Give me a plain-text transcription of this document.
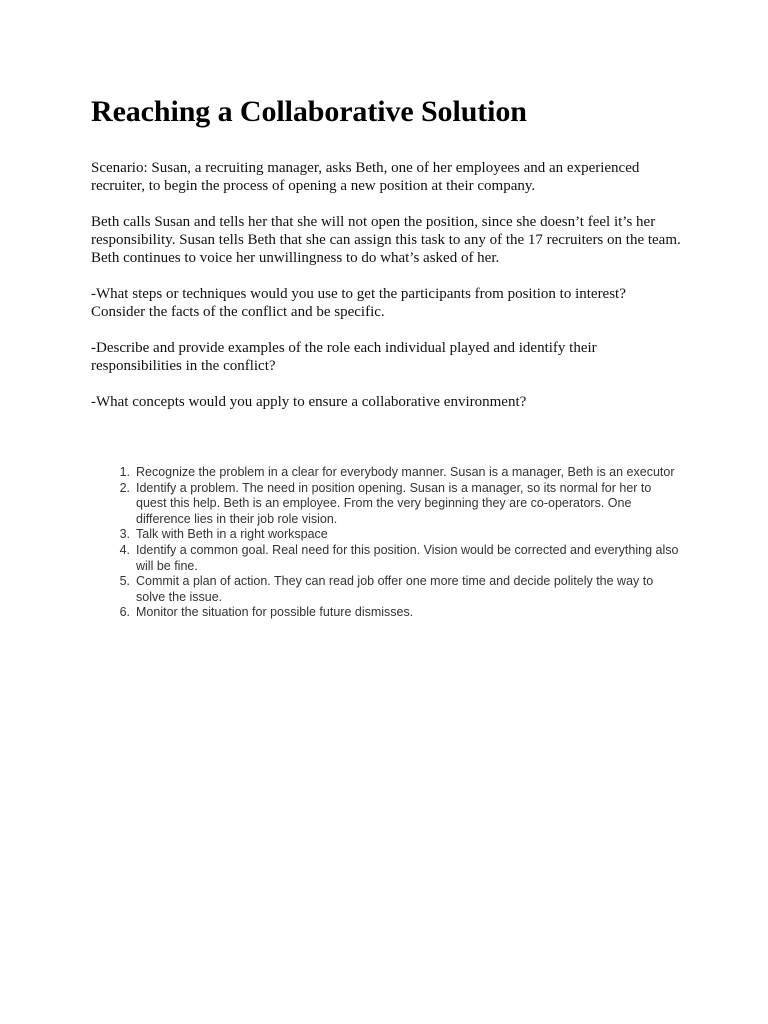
Reaching a Collaborative Solution

Scenario: Susan, a recruiting manager, asks Beth, one of her employees and an experienced recruiter, to begin the process of opening a new position at their company.

Beth calls Susan and tells her that she will not open the position, since she doesn’t feel it’s her responsibility. Susan tells Beth that she can assign this task to any of the 17 recruiters on the team. Beth continues to voice her unwillingness to do what’s asked of her.

-What steps or techniques would you use to get the participants from position to interest? Consider the facts of the conflict and be specific.

-Describe and provide examples of the role each individual played and identify their responsibilities in the conflict?

-What concepts would you apply to ensure a collaborative environment?

1. Recognize the problem in a clear for everybody manner. Susan is a manager, Beth is an executor
2. Identify a problem. The need in position opening. Susan is a manager, so its normal for her to quest this help. Beth is an employee. From the very beginning they are co-operators. One difference lies in their job role vision.
3. Talk with Beth in a right workspace
4. Identify a common goal. Real need for this position. Vision would be corrected and everything also will be fine.
5. Commit a plan of action. They can read job offer one more time and decide politely the way to solve the issue.
6. Monitor the situation for possible future dismisses.
